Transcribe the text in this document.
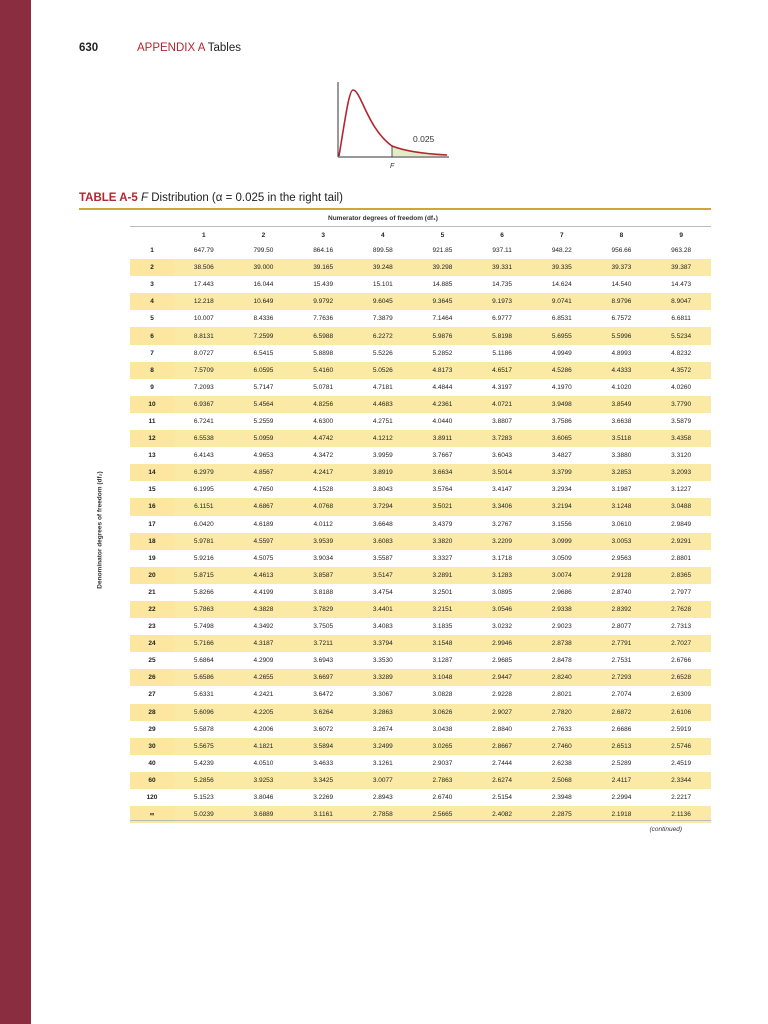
630	APPENDIX A Tables
0.025
F
TABLE A-5 F Distribution (α = 0.025 in the right tail)
Numerator degrees of freedom (df₁)
Denominator degrees of freedom (df₂)
	1	2	3	4	5	6	7	8	9
1	647.79	799.50	864.16	899.58	921.85	937.11	948.22	956.66	963.28
2	38.506	39.000	39.165	39.248	39.298	39.331	39.335	39.373	39.387
3	17.443	16.044	15.439	15.101	14.885	14.735	14.624	14.540	14.473
4	12.218	10.649	9.9792	9.6045	9.3645	9.1973	9.0741	8.9796	8.9047
5	10.007	8.4336	7.7636	7.3879	7.1464	6.9777	6.8531	6.7572	6.6811
6	8.8131	7.2599	6.5988	6.2272	5.9876	5.8198	5.6955	5.5996	5.5234
7	8.0727	6.5415	5.8898	5.5226	5.2852	5.1186	4.9949	4.8993	4.8232
8	7.5709	6.0595	5.4160	5.0526	4.8173	4.6517	4.5286	4.4333	4.3572
9	7.2093	5.7147	5.0781	4.7181	4.4844	4.3197	4.1970	4.1020	4.0260
10	6.9367	5.4564	4.8256	4.4683	4.2361	4.0721	3.9498	3.8549	3.7790
11	6.7241	5.2559	4.6300	4.2751	4.0440	3.8807	3.7586	3.6638	3.5879
12	6.5538	5.0959	4.4742	4.1212	3.8911	3.7283	3.6065	3.5118	3.4358
13	6.4143	4.9653	4.3472	3.9959	3.7667	3.6043	3.4827	3.3880	3.3120
14	6.2979	4.8567	4.2417	3.8919	3.6634	3.5014	3.3799	3.2853	3.2093
15	6.1995	4.7650	4.1528	3.8043	3.5764	3.4147	3.2934	3.1987	3.1227
16	6.1151	4.6867	4.0768	3.7294	3.5021	3.3406	3.2194	3.1248	3.0488
17	6.0420	4.6189	4.0112	3.6648	3.4379	3.2767	3.1556	3.0610	2.9849
18	5.9781	4.5597	3.9539	3.6083	3.3820	3.2209	3.0999	3.0053	2.9291
19	5.9216	4.5075	3.9034	3.5587	3.3327	3.1718	3.0509	2.9563	2.8801
20	5.8715	4.4613	3.8587	3.5147	3.2891	3.1283	3.0074	2.9128	2.8365
21	5.8266	4.4199	3.8188	3.4754	3.2501	3.0895	2.9686	2.8740	2.7977
22	5.7863	4.3828	3.7829	3.4401	3.2151	3.0546	2.9338	2.8392	2.7628
23	5.7498	4.3492	3.7505	3.4083	3.1835	3.0232	2.9023	2.8077	2.7313
24	5.7166	4.3187	3.7211	3.3794	3.1548	2.9946	2.8738	2.7791	2.7027
25	5.6864	4.2909	3.6943	3.3530	3.1287	2.9685	2.8478	2.7531	2.6766
26	5.6586	4.2655	3.6697	3.3289	3.1048	2.9447	2.8240	2.7293	2.6528
27	5.6331	4.2421	3.6472	3.3067	3.0828	2.9228	2.8021	2.7074	2.6309
28	5.6096	4.2205	3.6264	3.2863	3.0626	2.9027	2.7820	2.6872	2.6106
29	5.5878	4.2006	3.6072	3.2674	3.0438	2.8840	2.7633	2.6686	2.5919
30	5.5675	4.1821	3.5894	3.2499	3.0265	2.8667	2.7460	2.6513	2.5746
40	5.4239	4.0510	3.4633	3.1261	2.9037	2.7444	2.6238	2.5289	2.4519
60	5.2856	3.9253	3.3425	3.0077	2.7863	2.6274	2.5068	2.4117	2.3344
120	5.1523	3.8046	3.2269	2.8943	2.6740	2.5154	2.3948	2.2994	2.2217
∞	5.0239	3.6889	3.1161	2.7858	2.5665	2.4082	2.2875	2.1918	2.1136
(continued)
